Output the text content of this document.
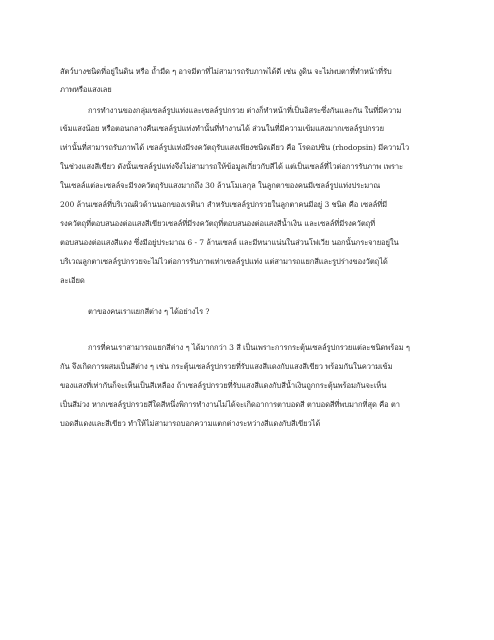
สัตว์บางชนิดที่อยู่ในดิน หรือ ถ้ำมืด ๆ อาจมีตาที่ไม่สามารถรับภาพได้ดี เช่น งูดิน จะไม่พบตาที่ทำหน้าที่รับ
ภาพหรือแสงเลย
การทำงานของกลุ่มเซลล์รูปแท่งและเซลล์รูปกรวย ต่างก็ทำหน้าที่เป็นอิสระซึ่งกันและกัน ในที่มีความ
เข้มแสงน้อย หรือตอนกลางคืนเซลล์รูปแท่งทำนั้นที่ทำงานได้ ส่วนในที่มีความเข้มแสงมากเซลล์รูปกรวย
เท่านั้นที่สามารถรับภาพได้ เซลล์รูปแท่งมีรงควัตถุรับแสงเพียงชนิดเดียว คือ โรดอปซิน (rhodopsin) มีความไว
ในช่วงแสงสีเขียว ดังนั้นเซลล์รูปแท่งจึงไม่สามารถให้ข้อมูลเกี่ยวกับสีได้ แต่เป็นเซลล์ที่ไวต่อการรับภาพ เพราะ
ในเซลล์แต่ละเซลล์จะมีรงควัตถุรับแสงมากถึง 30 ล้านโมเลกุล ในลูกตาของคนมีเซลล์รูปแท่งประมาณ
200 ล้านเซลล์ที่บริเวณผิวด้านนอกของเรตินา สำหรับเซลล์รูปกรวยในลูกตาคนมีอยู่ 3 ชนิด คือ เซลล์ที่มี
รงควัตถุที่ตอบสนองต่อแสงสีเขียวเซลล์ที่มีรงควัตถุที่ตอบสนองต่อแสงสีน้ำเงิน และเซลล์ที่มีรงควัตถุที่
ตอบสนองต่อแสงสีแดง ซึ่งมีอยู่ประมาณ 6 - 7 ล้านเซลล์ และมีหนาแน่นในส่วนโฟเวีย นอกนั้นกระจายอยู่ใน
บริเวณลูกตาเซลล์รูปกรวยจะไม่ไวต่อการรับภาพเท่าเซลล์รูปแท่ง แต่สามารถแยกสีและรูปร่างของวัตถุได้
ละเอียด
ตาของคนเราแยกสีต่าง ๆ ได้อย่างไร ?
การที่คนเราสามารถแยกสีต่าง ๆ ได้มากกว่า 3 สี เป็นเพราะการกระตุ้นเซลล์รูปกรวยแต่ละชนิดพร้อม ๆ
กัน จึงเกิดการผสมเป็นสีต่าง ๆ เช่น กระตุ้นเซลล์รูปกรวยที่รับแสงสีแดงกับแสงสีเขียว พร้อมกันในความเข้ม
ของแสงที่เท่ากันก็จะเห็นเป็นสีเหลือง ถ้าเซลล์รูปกรวยที่รับแสงสีแดงกับสีน้ำเงินถูกกระตุ้นพร้อมกันจะเห็น
เป็นสีม่วง หากเซลล์รูปกรวยสีใดสีหนึ่งพิการทำงานไม่ได้จะเกิดอาการตาบอดสี ตาบอดสีที่พบมากที่สุด คือ ตา
บอดสีแดงและสีเขียว ทำให้ไม่สามารถบอกความแตกต่างระหว่างสีแดงกับสีเขียวได้
